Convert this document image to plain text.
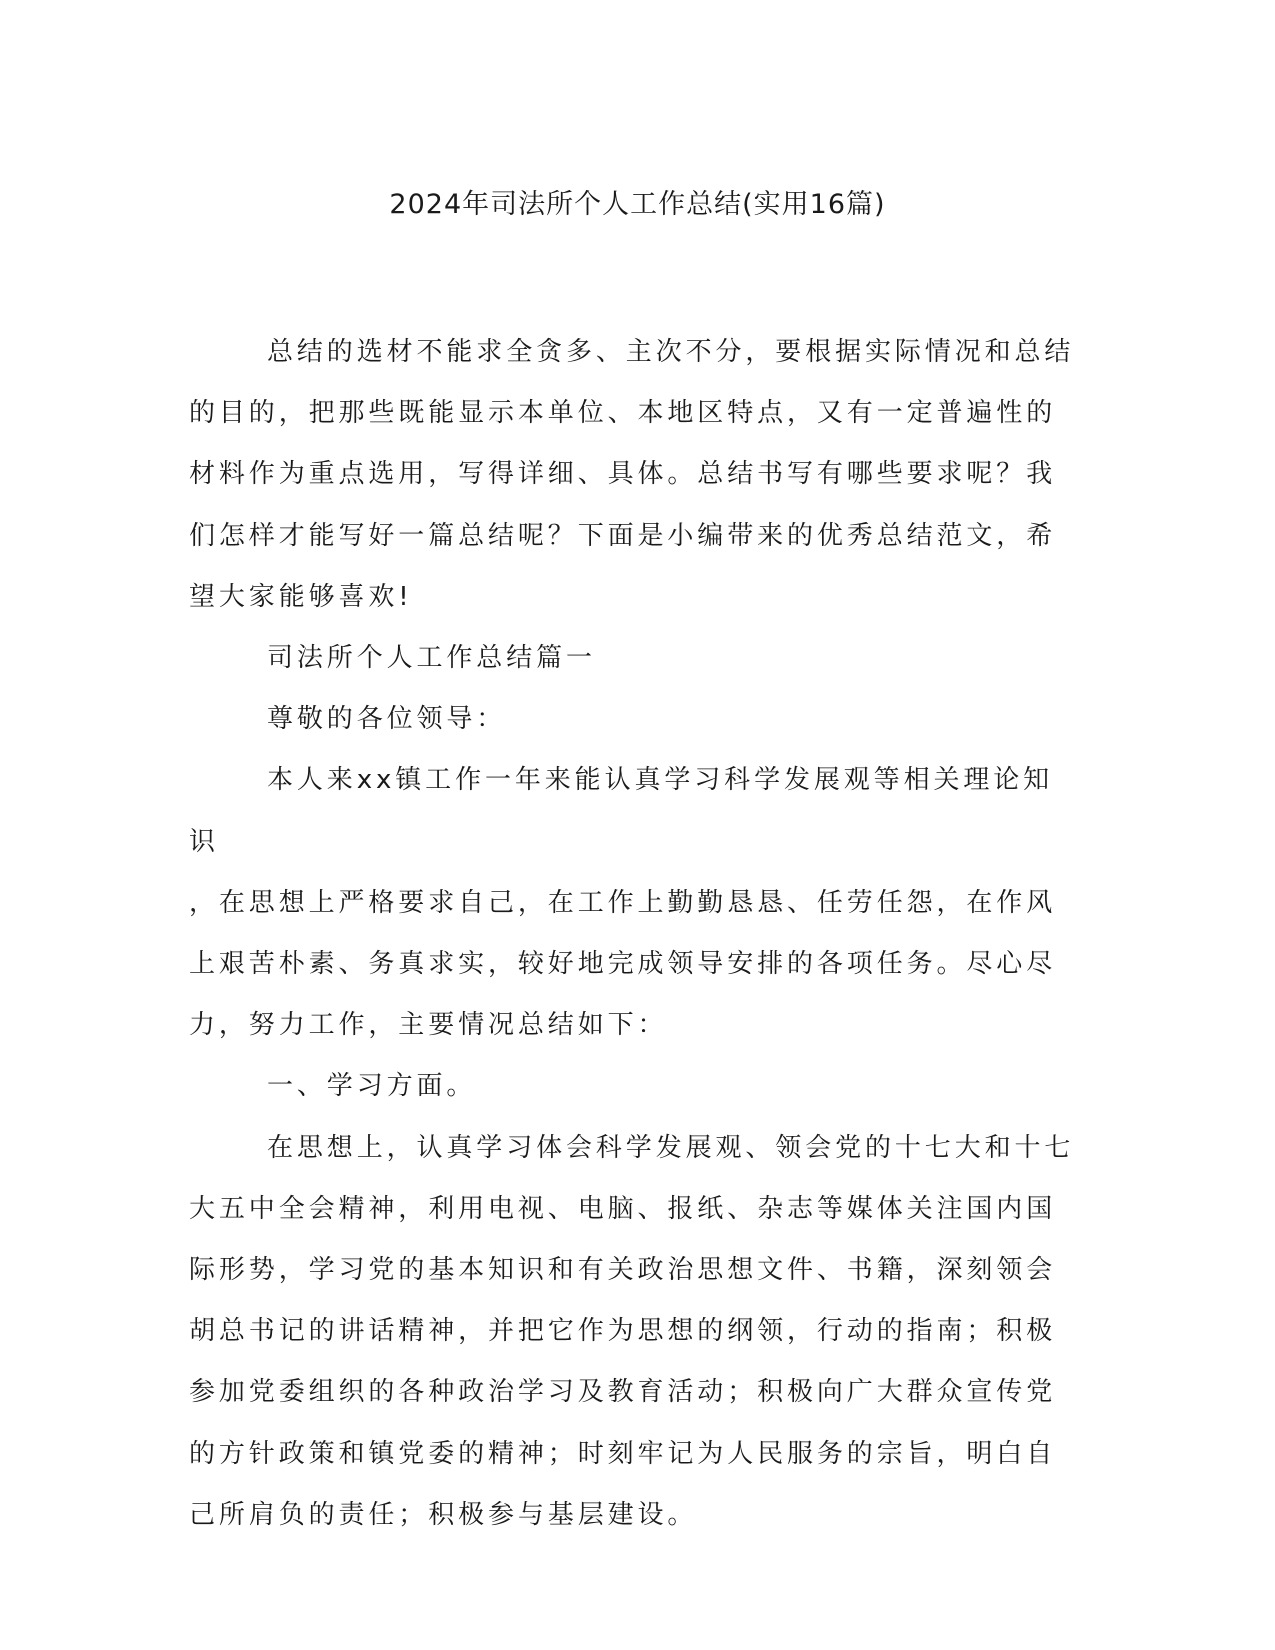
2024年司法所个人工作总结(实用16篇)

总结的选材不能求全贪多、主次不分，要根据实际情况和总结的目的，把那些既能显示本单位、本地区特点，又有一定普遍性的材料作为重点选用，写得详细、具体。总结书写有哪些要求呢？我们怎样才能写好一篇总结呢？下面是小编带来的优秀总结范文，希望大家能够喜欢!

司法所个人工作总结篇一

尊敬的各位领导：

本人来xx镇工作一年来能认真学习科学发展观等相关理论知识

，在思想上严格要求自己，在工作上勤勤恳恳、任劳任怨，在作风上艰苦朴素、务真求实，较好地完成领导安排的各项任务。尽心尽力，努力工作，主要情况总结如下：

一、学习方面。

在思想上，认真学习体会科学发展观、领会党的十七大和十七大五中全会精神，利用电视、电脑、报纸、杂志等媒体关注国内国际形势，学习党的基本知识和有关政治思想文件、书籍，深刻领会胡总书记的讲话精神，并把它作为思想的纲领，行动的指南；积极参加党委组织的各种政治学习及教育活动；积极向广大群众宣传党的方针政策和镇党委的精神；时刻牢记为人民服务的宗旨，明白自己所肩负的责任；积极参与基层建设。
